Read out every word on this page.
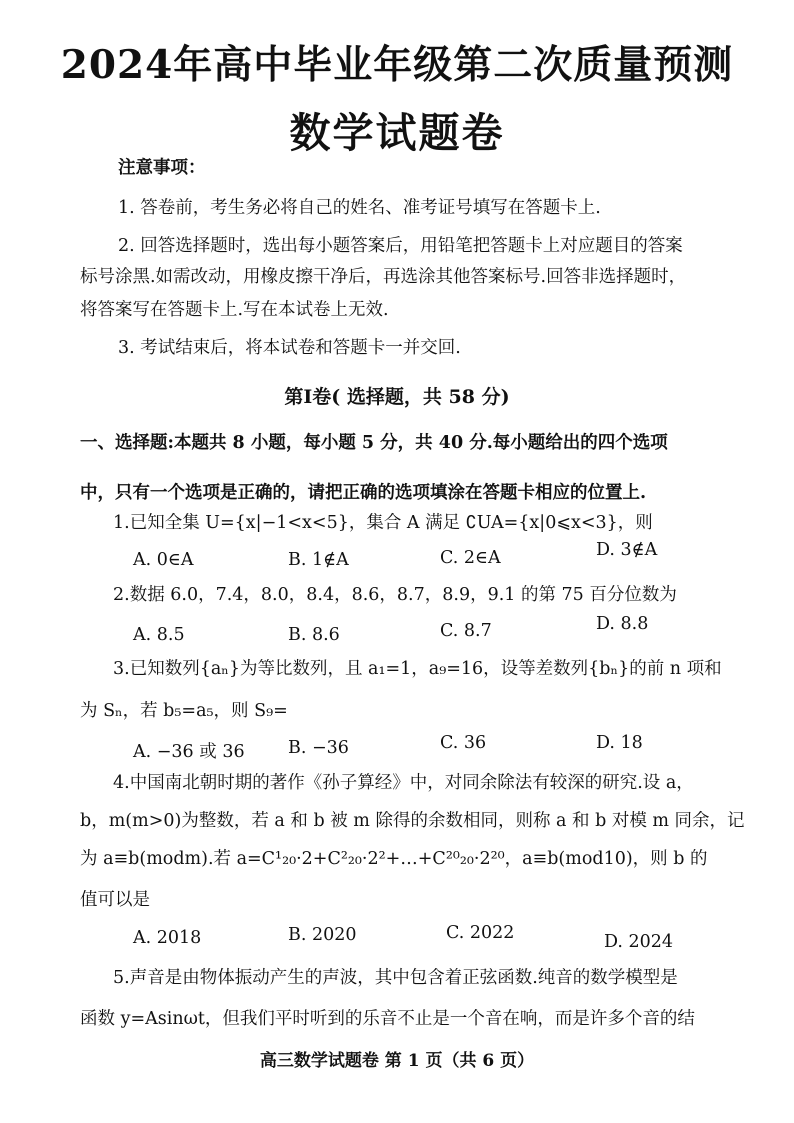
2024年高中毕业年级第二次质量预测
数学试题卷
注意事项：
1. 答卷前，考生务必将自己的姓名、准考证号填写在答题卡上.
2. 回答选择题时，选出每小题答案后，用铅笔把答题卡上对应题目的答案
标号涂黑.如需改动，用橡皮擦干净后，再选涂其他答案标号.回答非选择题时，
将答案写在答题卡上.写在本试卷上无效.
3. 考试结束后，将本试卷和答题卡一并交回.
第Ⅰ卷( 选择题，共 58 分)
一、选择题:本题共 8 小题，每小题 5 分，共 40 分.每小题给出的四个选项
中，只有一个选项是正确的，请把正确的选项填涂在答题卡相应的位置上.
1.已知全集 U={x|−1<x<5}，集合 A 满足 ∁UA={x|0⩽x<3}，则
A. 0∈A	B. 1∉A	C. 2∈A	D. 3∉A
2.数据 6.0，7.4，8.0，8.4，8.6，8.7，8.9，9.1 的第 75 百分位数为
A. 8.5	B. 8.6	C. 8.7	D. 8.8
3.已知数列{aₙ}为等比数列，且 a₁=1，a₉=16，设等差数列{bₙ}的前 n 项和
为 Sₙ，若 b₅=a₅，则 S₉=
A. −36 或 36 B. −36	C. 36	D. 18
4.中国南北朝时期的著作《孙子算经》中，对同余除法有较深的研究.设 a，
b，m(m>0)为整数，若 a 和 b 被 m 除得的余数相同，则称 a 和 b 对模 m 同余，记
为 a≡b(modm).若 a=C¹₂₀·2+C²₂₀·2²+…+C²⁰₂₀·2²⁰，a≡b(mod10)，则 b 的
值可以是
A. 2018	B. 2020	C. 2022	D. 2024
5.声音是由物体振动产生的声波，其中包含着正弦函数.纯音的数学模型是
函数 y=Asinωt，但我们平时听到的乐音不止是一个音在响，而是许多个音的结
高三数学试题卷 第 1 页（共 6 页）
